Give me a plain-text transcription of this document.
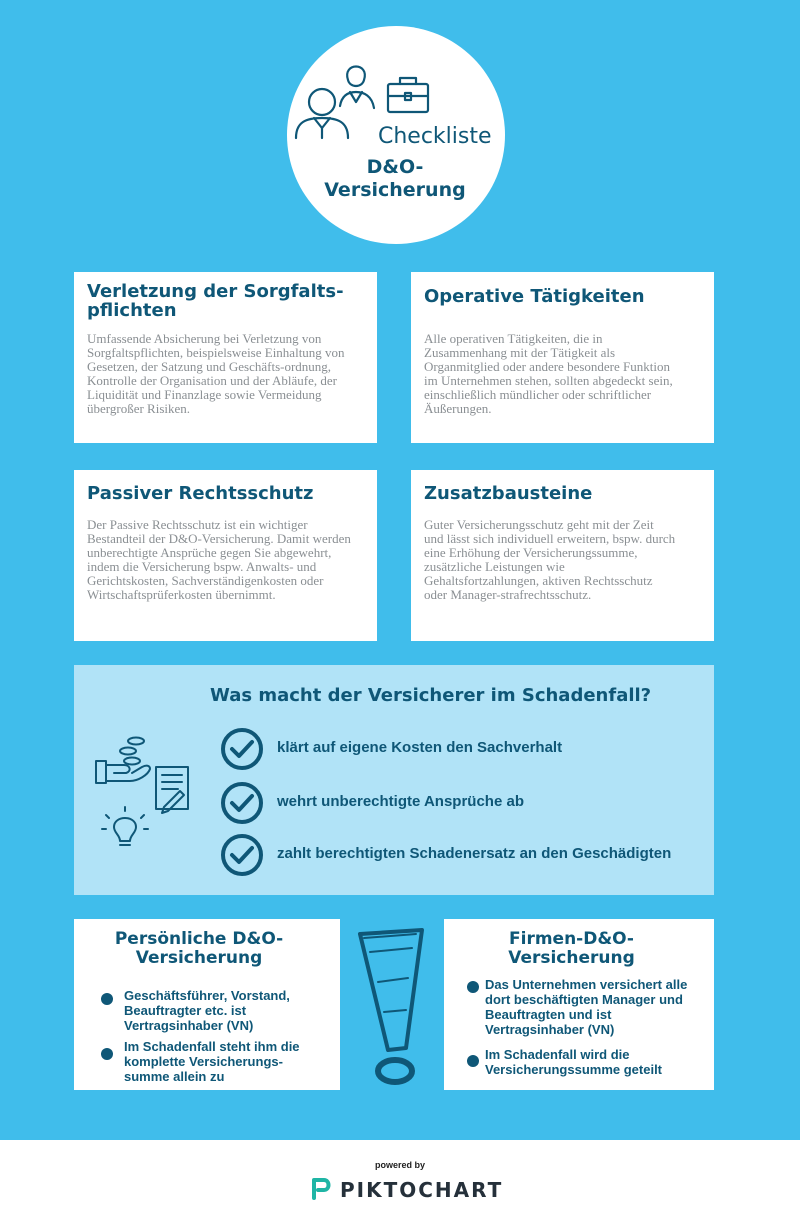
Checkliste
D&O-Versicherung
Verletzung der Sorgfalts-pflichten

Umfassende Absicherung bei Verletzung von Sorgfaltspflichten, beispielsweise Einhaltung von Gesetzen, der Satzung und Geschäfts-ordnung, Kontrolle der Organisation und der Abläufe, der Liquidität und Finanzlage sowie Vermeidung übergroßer Risiken.

Operative Tätigkeiten

Alle operativen Tätigkeiten, die in Zusammenhang mit der Tätigkeit als Organmitglied oder andere besondere Funktion im Unternehmen stehen, sollten abgedeckt sein, einschließlich mündlicher oder schriftlicher Äußerungen.

Passiver Rechtsschutz

Der Passive Rechtsschutz ist ein wichtiger Bestandteil der D&O-Versicherung. Damit werden unberechtigte Ansprüche gegen Sie abgewehrt, indem die Versicherung bspw. Anwalts- und Gerichtskosten, Sachverständigenkosten oder Wirtschaftsprüferkosten übernimmt.

Zusatzbausteine

Guter Versicherungsschutz geht mit der Zeit und lässt sich individuell erweitern, bspw. durch eine Erhöhung der Versicherungssumme, zusätzliche Leistungen wie Gehaltsfortzahlungen, aktiven Rechtsschutz oder Manager-strafrechtsschutz.

Was macht der Versicherer im Schadenfall?
klärt auf eigene Kosten den Sachverhalt
wehrt unberechtigte Ansprüche ab
zahlt berechtigten Schadenersatz an den Geschädigten
Persönliche D&O-Versicherung

Geschäftsführer, Vorstand, Beauftragter etc. ist Vertragsinhaber (VN)

Im Schadenfall steht ihm die komplette Versicherungs-summe allein zu

Firmen-D&O-Versicherung

Das Unternehmen versichert alle dort beschäftigten Manager und Beauftragten und ist Vertragsinhaber (VN)

Im Schadenfall wird die Versicherungssumme geteilt

powered by
PIKTOCHART
